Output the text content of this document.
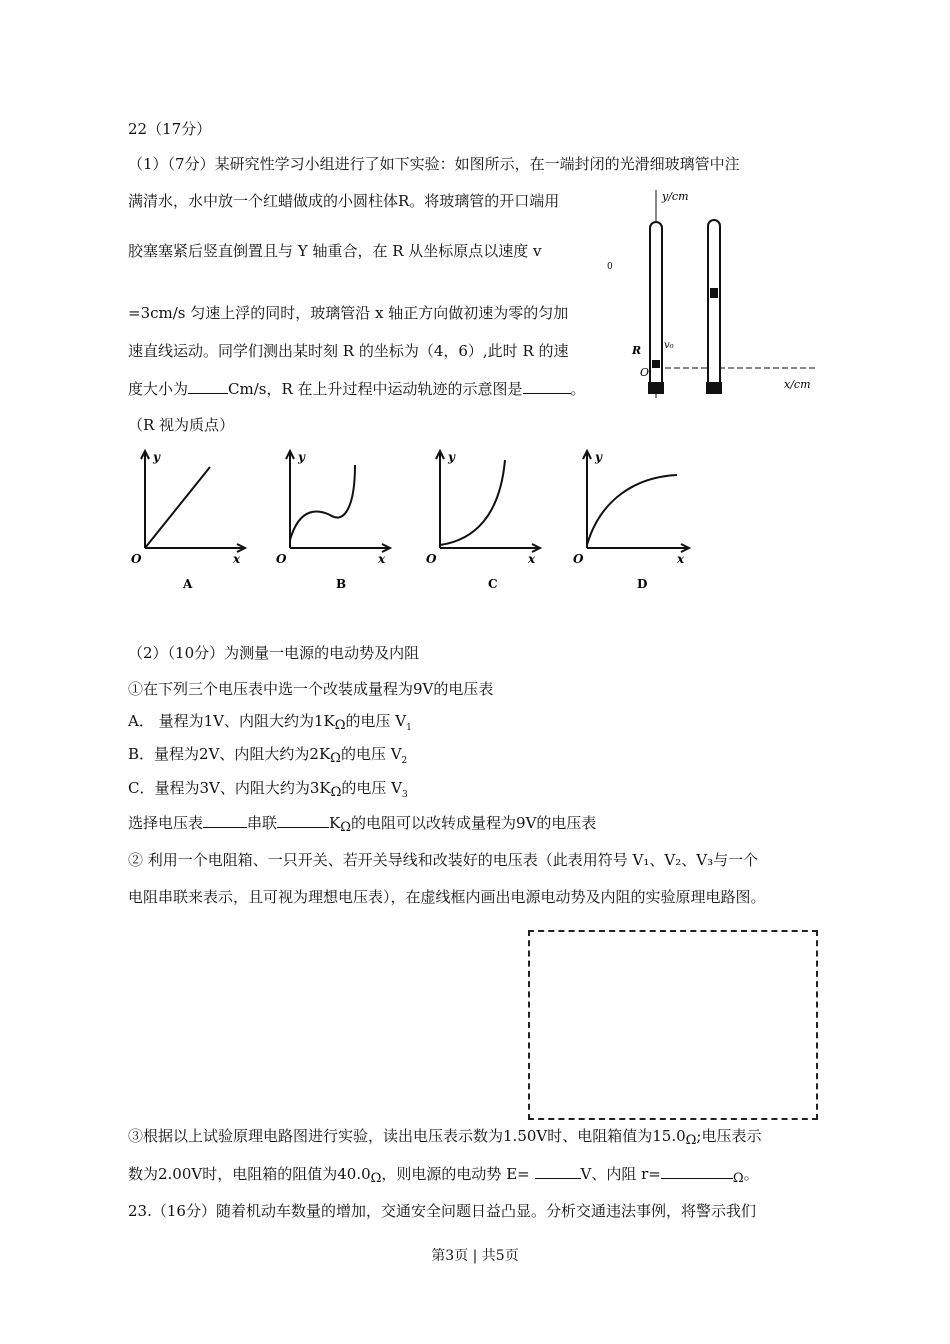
22（17分）
（1）（7分）某研究性学习小组进行了如下实验：如图所示，在一端封闭的光滑细玻璃管中注
满清水，水中放一个红蜡做成的小圆柱体R。将玻璃管的开口端用
胶塞塞紧后竖直倒置且与 Y 轴重合，在 R 从坐标原点以速度 v
0
=3cm/s 匀速上浮的同时，玻璃管沿 x 轴正方向做初速为零的匀加
速直线运动。同学们测出某时刻 R 的坐标为（4，6）,此时 R 的速
度大小为	Cm/s，R 在上升过程中运动轨迹的示意图是	。
（R 视为质点）
y/cm
x/cm
O
R v₀
y
x
O
A
y
x
O
B
y
x
O
C
y
x
O
D
（2）（10分）为测量一电源的电动势及内阻
①在下列三个电压表中选一个改装成量程为9V的电压表
A． 量程为1V、内阻大约为1KΩ的电压 $V_1$
B．量程为2V、内阻大约为2KΩ的电压 $V_2$
C．量程为3V、内阻大约为3KΩ的电压 $V_3$
选择电压表	串联	KΩ的电阻可以改转成量程为9V的电压表
② 利用一个电阻箱、一只开关、若开关导线和改装好的电压表（此表用符号 V₁、V₂、V₃与一个
电阻串联来表示，且可视为理想电压表），在虚线框内画出电源电动势及内阻的实验原理电路图。
③根据以上试验原理电路图进行实验，读出电压表示数为1.50V时、电阻箱值为15.0Ω;电压表示
数为2.00V时，电阻箱的阻值为40.0Ω，则电源的电动势 E=	V、内阻 r=	Ω。
23.（16分）随着机动车数量的增加，交通安全问题日益凸显。分析交通违法事例，将警示我们
第3页 | 共5页
